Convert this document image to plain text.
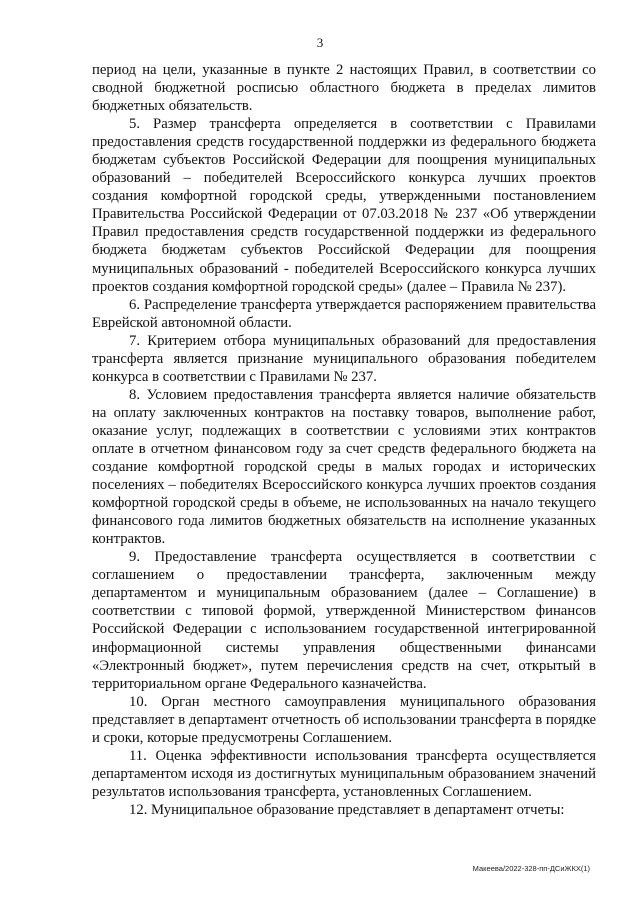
3

период на цели, указанные в пункте 2 настоящих Правил, в соответствии со сводной бюджетной росписью областного бюджета в пределах лимитов бюджетных обязательств.

5. Размер трансферта определяется в соответствии с Правилами предоставления средств государственной поддержки из федерального бюджета бюджетам субъектов Российской Федерации для поощрения муниципальных образований – победителей Всероссийского конкурса лучших проектов создания комфортной городской среды, утвержденными постановлением Правительства Российской Федерации от 07.03.2018 № 237 «Об утверждении Правил предоставления средств государственной поддержки из федерального бюджета бюджетам субъектов Российской Федерации для поощрения муниципальных образований - победителей Всероссийского конкурса лучших проектов создания комфортной городской среды» (далее – Правила № 237).

6. Распределение трансферта утверждается распоряжением правительства Еврейской автономной области.

7. Критерием отбора муниципальных образований для предоставления трансферта является признание муниципального образования победителем конкурса в соответствии с Правилами № 237.

8. Условием предоставления трансферта является наличие обязательств на оплату заключенных контрактов на поставку товаров, выполнение работ, оказание услуг, подлежащих в соответствии с условиями этих контрактов оплате в отчетном финансовом году за счет средств федерального бюджета на создание комфортной городской среды в малых городах и исторических поселениях – победителях Всероссийского конкурса лучших проектов создания комфортной городской среды в объеме, не использованных на начало текущего финансового года лимитов бюджетных обязательств на исполнение указанных контрактов.

9. Предоставление трансферта осуществляется в соответствии с соглашением о предоставлении трансферта, заключенным между департаментом и муниципальным образованием (далее – Соглашение) в соответствии с типовой формой, утвержденной Министерством финансов Российской Федерации с использованием государственной интегрированной информационной системы управления общественными финансами «Электронный бюджет», путем перечисления средств на счет, открытый в территориальном органе Федерального казначейства.

10. Орган местного самоуправления муниципального образования представляет в департамент отчетность об использовании трансферта в порядке и сроки, которые предусмотрены Соглашением.

11. Оценка эффективности использования трансферта осуществляется департаментом исходя из достигнутых муниципальным образованием значений результатов использования трансферта, установленных Соглашением.

12. Муниципальное образование представляет в департамент отчеты:

Макеева/2022-328-пп-ДСиЖКХ(1)
